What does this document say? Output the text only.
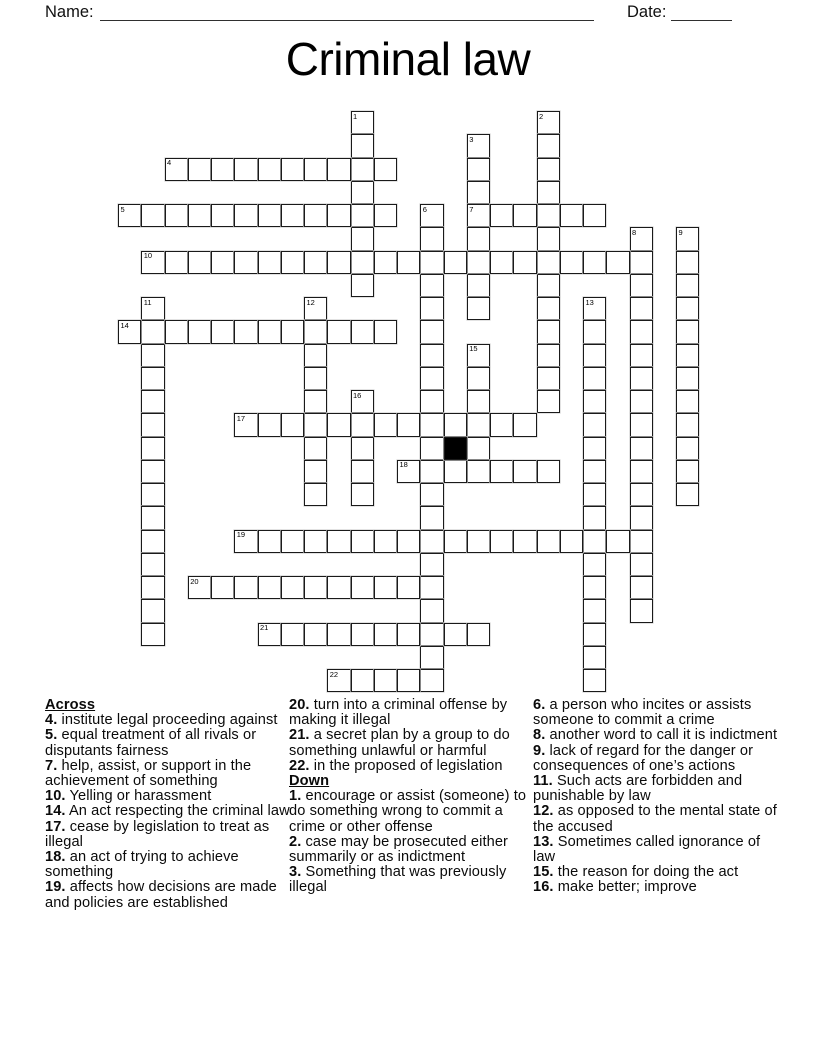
Name:	Date:
Criminal law
1	2
3
7
4
5	6
8	9
10
11	12	13
14
15
16
17
18
19
20
21
22
Across
4. institute legal proceeding against
5. equal treatment of all rivals or disputants fairness
7. help, assist, or support in the achievement of something
10. Yelling or harassment
14. An act respecting the criminal law
17. cease by legislation to treat as illegal
18. an act of trying to achieve something
19. affects how decisions are made and policies are established
20. turn into a criminal offense by making it illegal
21. a secret plan by a group to do something unlawful or harmful
22. in the proposed of legislation
Down
1. encourage or assist (someone) to do something wrong to commit a crime or other offense
2. case may be prosecuted either summarily or as indictment
3. Something that was previously illegal
6. a person who incites or assists someone to commit a crime
8. another word to call it is indictment
9. lack of regard for the danger or consequences of one’s actions
11. Such acts are forbidden and punishable by law
12. as opposed to the mental state of the accused
13. Sometimes called ignorance of law
15. the reason for doing the act
16. make better; improve
